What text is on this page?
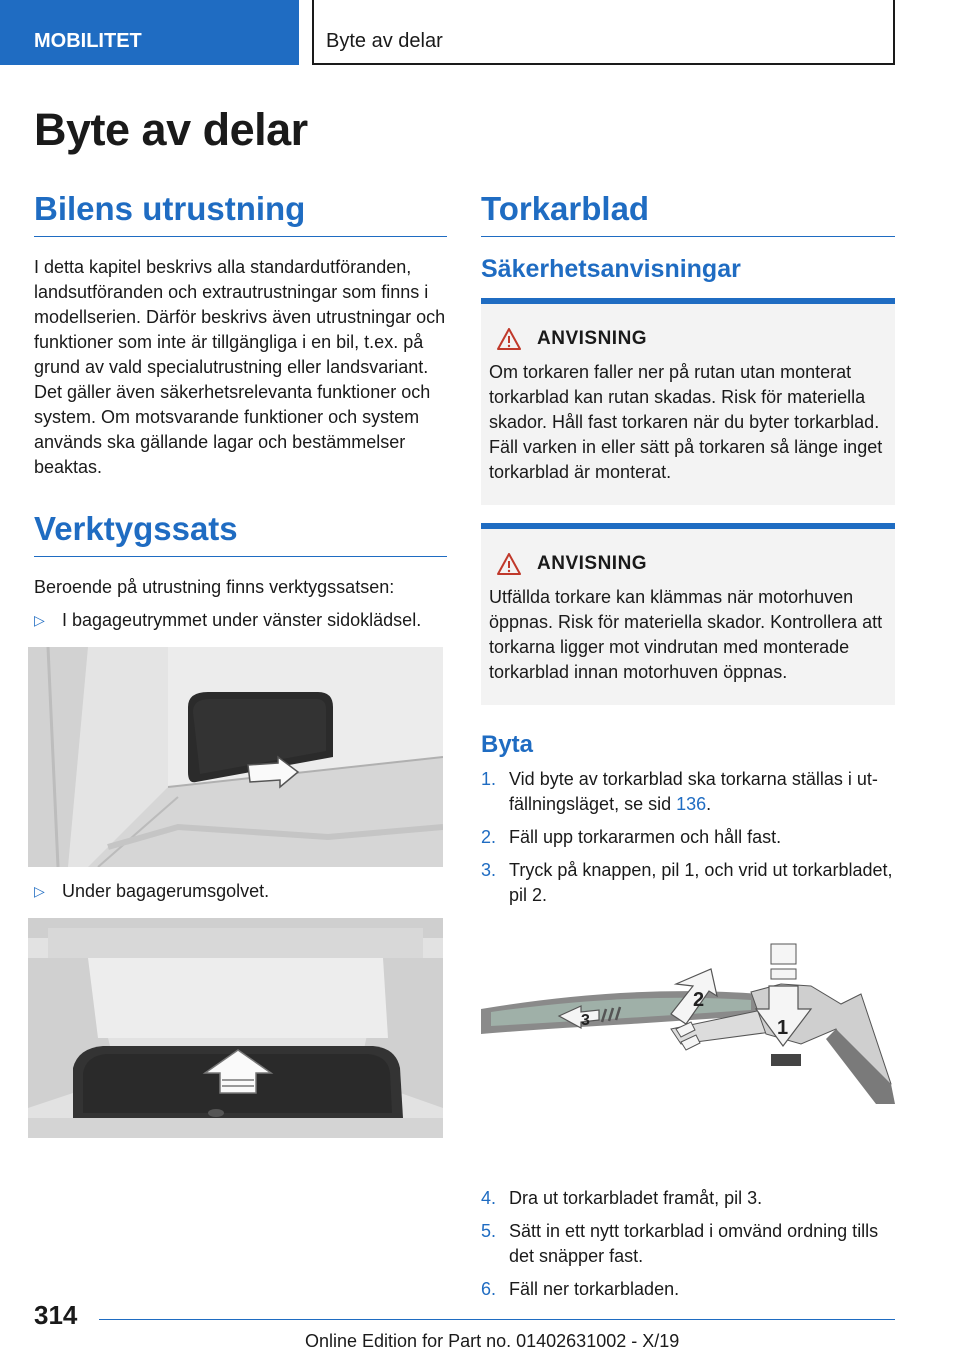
MOBILITET	Byte av delar
Byte av delar
Bilens utrustning

I detta kapitel beskrivs alla standardutföranden, landsutföranden och extrautrustningar som finns i modellserien. Därför beskrivs även utrustningar och funktioner som inte är tillgängliga i en bil, t.ex. på grund av vald specialutrustning eller landsvariant. Det gäller även säkerhetsrelevanta funktioner och system. Om motsvarande funktioner och system används ska gällande lagar och bestämmelser beaktas.

Verktygssats

Beroende på utrustning finns verktygssatsen:

▷ I bagageutrymmet under vänster sidoklädsel.
▷ Under bagagerumsgolvet.
Torkarblad
Säkerhetsanvisningar
ANVISNING

Om torkaren faller ner på rutan utan monterat torkarblad kan rutan skadas. Risk för materiella skador. Håll fast torkaren när du byter torkarblad. Fäll varken in eller sätt på torkaren så länge inget torkarblad är monterat.

ANVISNING

Utfällda torkare kan klämmas när motorhuven öppnas. Risk för materiella skador. Kontrollera att torkarna ligger mot vindrutan med monterade torkarblad innan motorhuven öppnas.

Byta
1. Vid byte av torkarblad ska torkarna ställas i utfällningsläget, se sid 136.
2. Fäll upp torkararmen och håll fast.
3. Tryck på knappen, pil 1, och vrid ut torkarbladet, pil 2.
3
2
1
4. Dra ut torkarbladet framåt, pil 3.
5. Sätt in ett nytt torkarblad i omvänd ordning tills det snäpper fast.
6. Fäll ner torkarbladen.
314
Online Edition for Part no. 01402631002 - X/19
